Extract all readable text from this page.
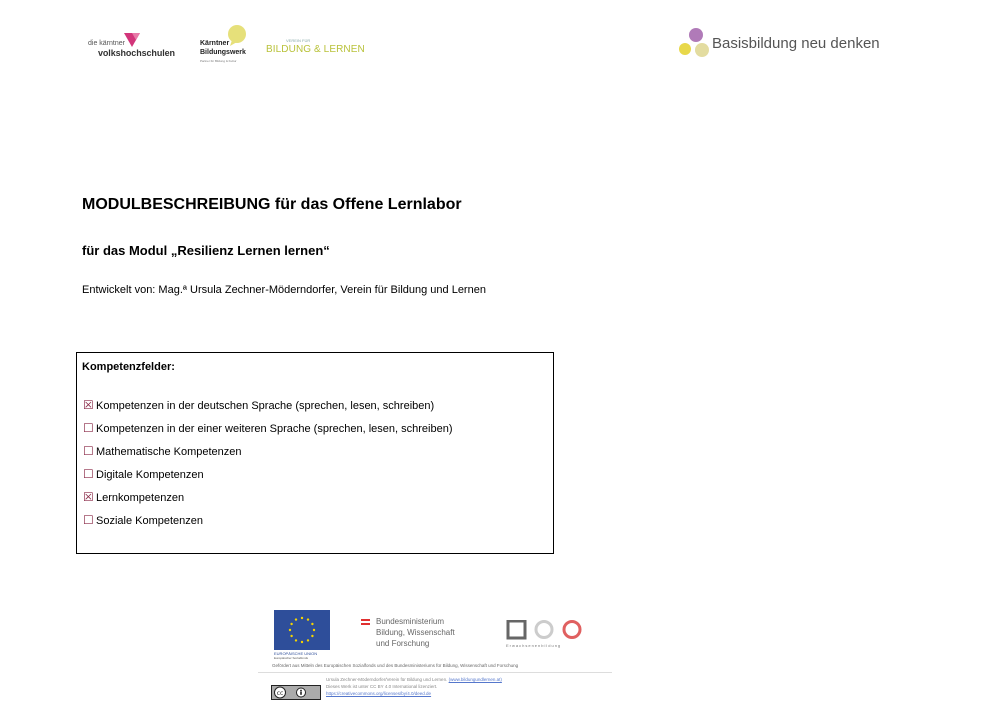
die kärntner
volkshochschulen
Kärntner
Bildungswerk
Partner für Bildung & Kultur
VEREIN FÜR
BILDUNG & LERNEN	Basisbildung neu denken
MODULBESCHREIBUNG für das Offene Lernlabor
für das Modul „Resilienz Lernen lernen“
Entwickelt von: Mag.ª Ursula Zechner-Möderndorfer, Verein für Bildung und Lernen
Kompetenzfelder:
☒ Kompetenzen in der deutschen Sprache (sprechen, lesen, schreiben)
☐ Kompetenzen in der einer weiteren Sprache (sprechen, lesen, schreiben)
☐ Mathematische Kompetenzen
☐ Digitale Kompetenzen
☒ Lernkompetenzen
☐ Soziale Kompetenzen
EUROPÄISCHE UNION
Europäischer Sozialfonds
Bundesministerium
Bildung, Wissenschaft
und Forschung	Erwachsenenbildung
Gefördert aus Mitteln des Europäischen Sozialfonds und des Bundesministeriums für Bildung, Wissenschaft und Forschung
cc
Ursula Zechner-Möderndorfer/Verein für Bildung und Lernen. (www.bildungundlernen.at)
Dieses Werk ist unter CC BY 4.0 International lizenziert.
https://creativecommons.org/licenses/by/4.0/deed.de
